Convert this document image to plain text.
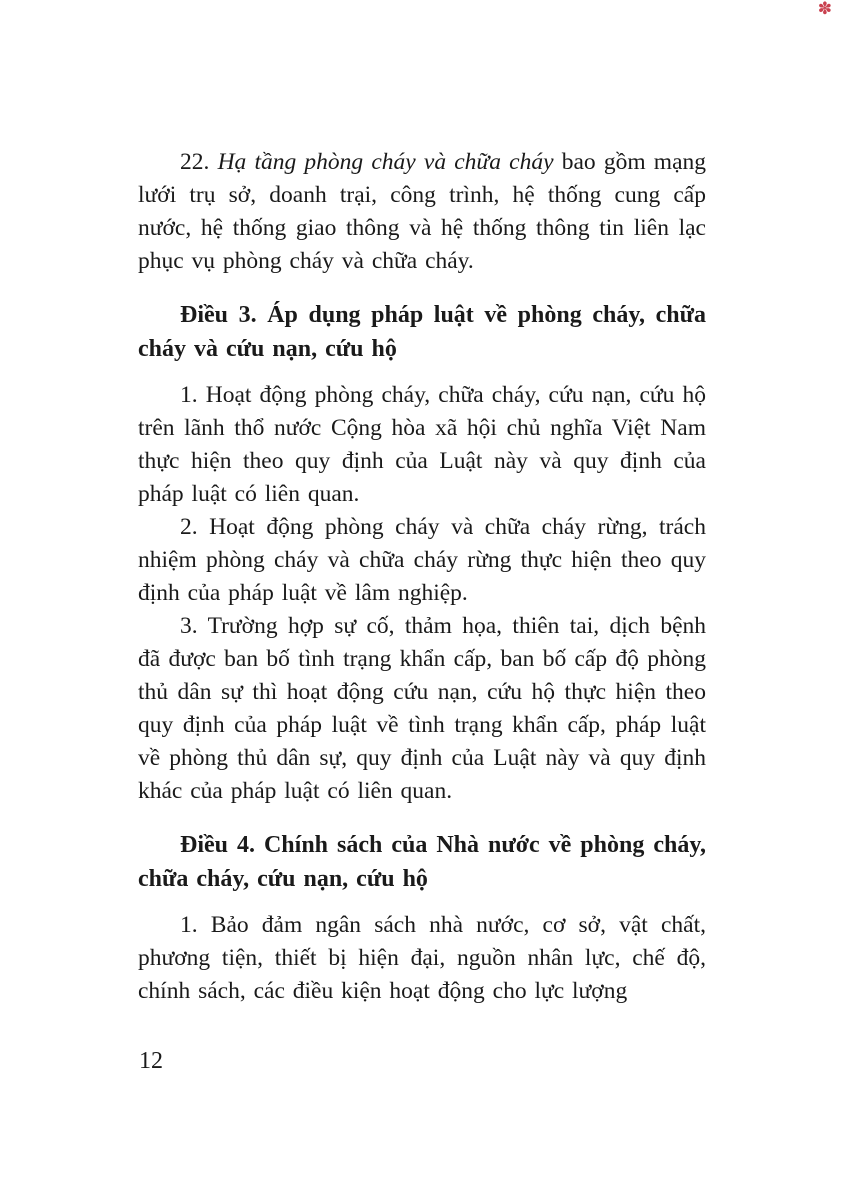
✽

22. Hạ tầng phòng cháy và chữa cháy bao gồm mạng lưới trụ sở, doanh trại, công trình, hệ thống cung cấp nước, hệ thống giao thông và hệ thống thông tin liên lạc phục vụ phòng cháy và chữa cháy.

Điều 3. Áp dụng pháp luật về phòng cháy, chữa cháy và cứu nạn, cứu hộ

1. Hoạt động phòng cháy, chữa cháy, cứu nạn, cứu hộ trên lãnh thổ nước Cộng hòa xã hội chủ nghĩa Việt Nam thực hiện theo quy định của Luật này và quy định của pháp luật có liên quan.

2. Hoạt động phòng cháy và chữa cháy rừng, trách nhiệm phòng cháy và chữa cháy rừng thực hiện theo quy định của pháp luật về lâm nghiệp.

3. Trường hợp sự cố, thảm họa, thiên tai, dịch bệnh đã được ban bố tình trạng khẩn cấp, ban bố cấp độ phòng thủ dân sự thì hoạt động cứu nạn, cứu hộ thực hiện theo quy định của pháp luật về tình trạng khẩn cấp, pháp luật về phòng thủ dân sự, quy định của Luật này và quy định khác của pháp luật có liên quan.

Điều 4. Chính sách của Nhà nước về phòng cháy, chữa cháy, cứu nạn, cứu hộ

1. Bảo đảm ngân sách nhà nước, cơ sở, vật chất, phương tiện, thiết bị hiện đại, nguồn nhân lực, chế độ, chính sách, các điều kiện hoạt động cho lực lượng

12
